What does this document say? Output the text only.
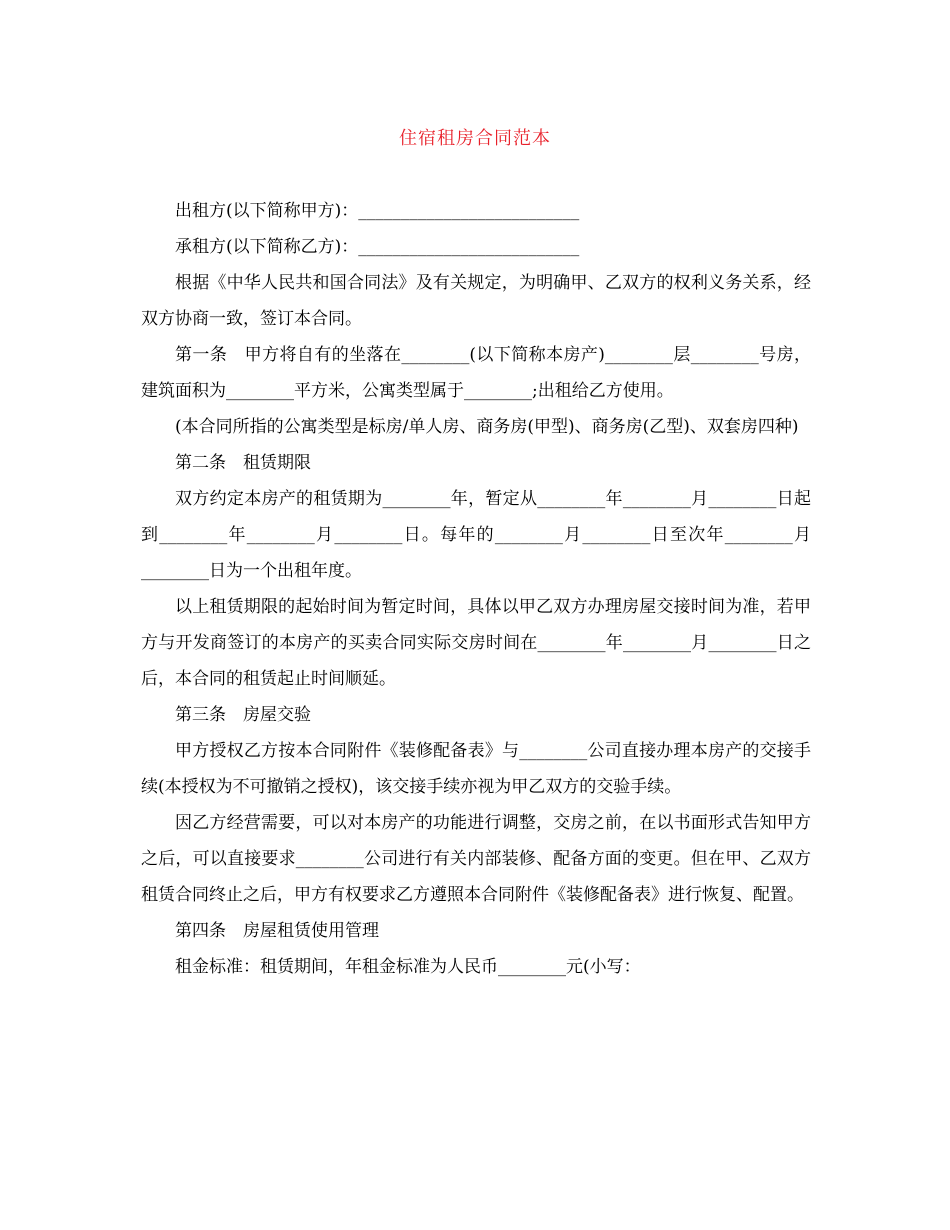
住宿租房合同范本

出租方(以下简称甲方)：__________________________

承租方(以下简称乙方)：__________________________

根据《中华人民共和国合同法》及有关规定，为明确甲、乙双方的权利义务关系，经双方协商一致，签订本合同。

第一条　甲方将自有的坐落在________(以下简称本房产)________层________号房，建筑面积为________平方米，公寓类型属于________;出租给乙方使用。

(本合同所指的公寓类型是标房/单人房、商务房(甲型)、商务房(乙型)、双套房四种)

第二条　租赁期限

双方约定本房产的租赁期为________年，暂定从________年________月________日起到________年________月________日。每年的________月________日至次年________月________日为一个出租年度。

以上租赁期限的起始时间为暂定时间，具体以甲乙双方办理房屋交接时间为准，若甲方与开发商签订的本房产的买卖合同实际交房时间在________年________月________日之后，本合同的租赁起止时间顺延。

第三条　房屋交验

甲方授权乙方按本合同附件《装修配备表》与________公司直接办理本房产的交接手续(本授权为不可撤销之授权)，该交接手续亦视为甲乙双方的交验手续。

因乙方经营需要，可以对本房产的功能进行调整，交房之前，在以书面形式告知甲方之后，可以直接要求________公司进行有关内部装修、配备方面的变更。但在甲、乙双方租赁合同终止之后，甲方有权要求乙方遵照本合同附件《装修配备表》进行恢复、配置。

第四条　房屋租赁使用管理

租金标准：租赁期间，年租金标准为人民币________元(小写：
